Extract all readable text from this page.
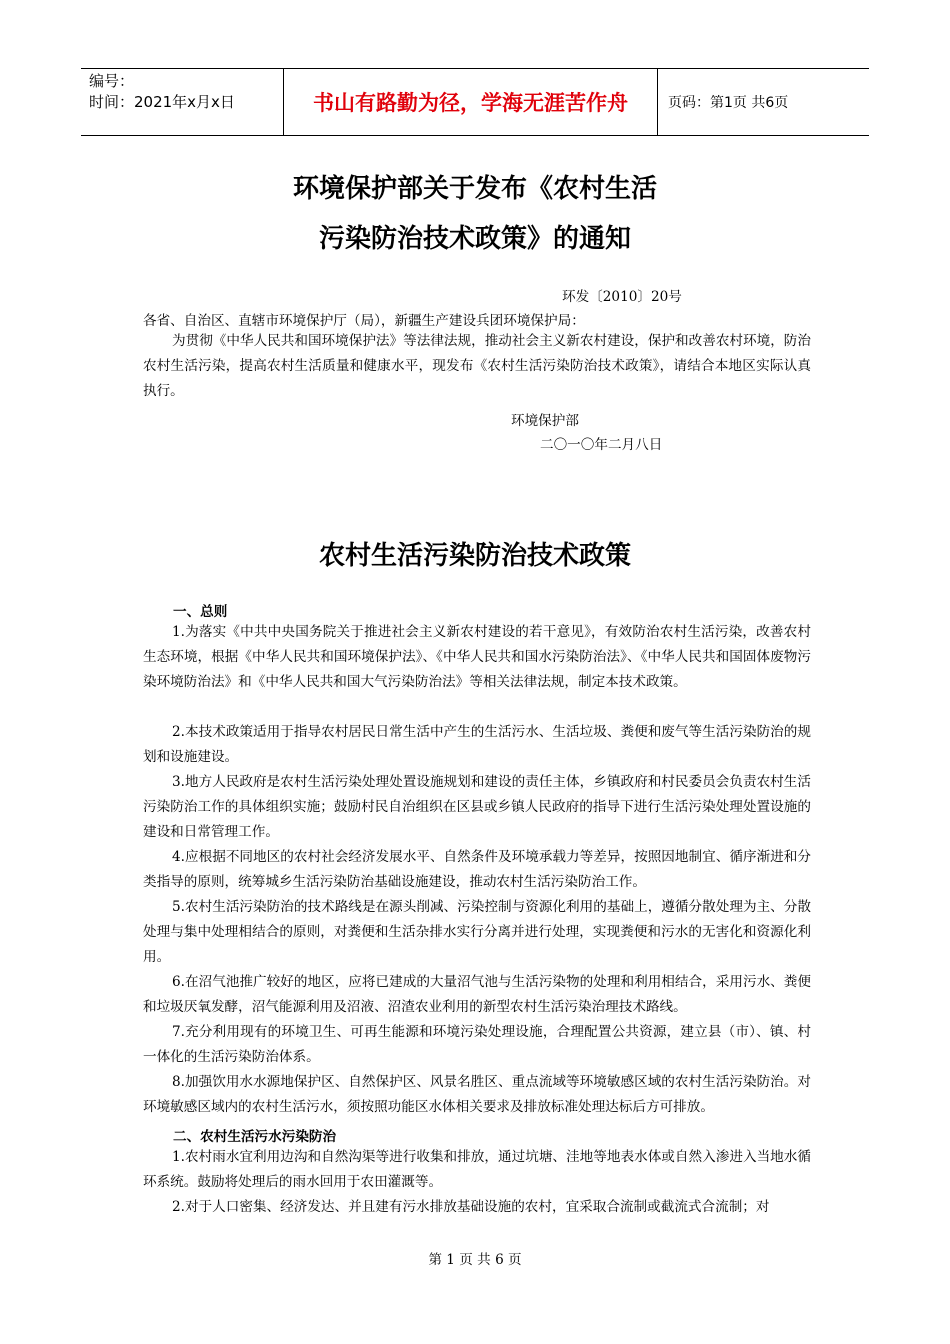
编号：
时间：2021年x月x日	书山有路勤为径，学海无涯苦作舟	页码：第1页 共6页
环境保护部关于发布《农村生活
污染防治技术政策》的通知
环发〔2010〕20号
各省、自治区、直辖市环境保护厅（局），新疆生产建设兵团环境保护局：
为贯彻《中华人民共和国环境保护法》等法律法规，推动社会主义新农村建设，保护和改善农村环境，防治农村生活污染，提高农村生活质量和健康水平，现发布《农村生活污染防治技术政策》，请结合本地区实际认真执行。
环境保护部
二〇一〇年二月八日
农村生活污染防治技术政策
一、总则
1.为落实《中共中央国务院关于推进社会主义新农村建设的若干意见》，有效防治农村生活污染，改善农村生态环境，根据《中华人民共和国环境保护法》、《中华人民共和国水污染防治法》、《中华人民共和国固体废物污染环境防治法》和《中华人民共和国大气污染防治法》等相关法律法规，制定本技术政策。
2.本技术政策适用于指导农村居民日常生活中产生的生活污水、生活垃圾、粪便和废气等生活污染防治的规划和设施建设。
3.地方人民政府是农村生活污染处理处置设施规划和建设的责任主体，乡镇政府和村民委员会负责农村生活污染防治工作的具体组织实施；鼓励村民自治组织在区县或乡镇人民政府的指导下进行生活污染处理处置设施的建设和日常管理工作。
4.应根据不同地区的农村社会经济发展水平、自然条件及环境承载力等差异，按照因地制宜、循序渐进和分类指导的原则，统筹城乡生活污染防治基础设施建设，推动农村生活污染防治工作。
5.农村生活污染防治的技术路线是在源头削减、污染控制与资源化利用的基础上，遵循分散处理为主、分散处理与集中处理相结合的原则，对粪便和生活杂排水实行分离并进行处理，实现粪便和污水的无害化和资源化利用。
6.在沼气池推广较好的地区，应将已建成的大量沼气池与生活污染物的处理和利用相结合，采用污水、粪便和垃圾厌氧发酵，沼气能源利用及沼液、沼渣农业利用的新型农村生活污染治理技术路线。
7.充分利用现有的环境卫生、可再生能源和环境污染处理设施，合理配置公共资源，建立县（市）、镇、村一体化的生活污染防治体系。
8.加强饮用水水源地保护区、自然保护区、风景名胜区、重点流域等环境敏感区域的农村生活污染防治。对环境敏感区域内的农村生活污水，须按照功能区水体相关要求及排放标准处理达标后方可排放。
二、农村生活污水污染防治
1.农村雨水宜利用边沟和自然沟渠等进行收集和排放，通过坑塘、洼地等地表水体或自然入渗进入当地水循环系统。鼓励将处理后的雨水回用于农田灌溉等。
2.对于人口密集、经济发达、并且建有污水排放基础设施的农村，宜采取合流制或截流式合流制；对
第 1 页 共 6 页
